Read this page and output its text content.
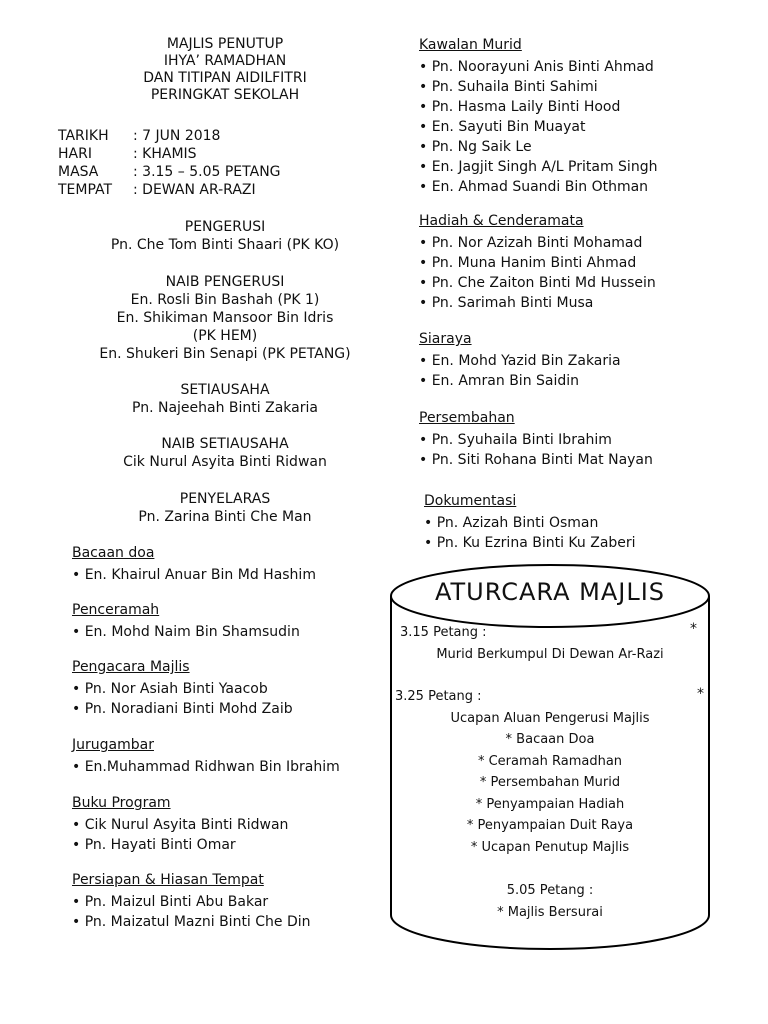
MAJLIS PENUTUP
IHYA’ RAMADHAN
DAN TITIPAN AIDILFITRI
PERINGKAT SEKOLAH
TARIKH	: 7 JUN 2018
HARI	: KHAMIS
MASA	: 3.15 – 5.05 PETANG
TEMPAT	: DEWAN AR-RAZI
PENGERUSI
Pn. Che Tom Binti Shaari (PK KO)
NAIB PENGERUSI
En. Rosli Bin Bashah (PK 1)
En. Shikiman Mansoor Bin Idris
(PK HEM)
En. Shukeri Bin Senapi (PK PETANG)
SETIAUSAHA
Pn. Najeehah Binti Zakaria
NAIB SETIAUSAHA
Cik Nurul Asyita Binti Ridwan
PENYELARAS
Pn. Zarina Binti Che Man
Bacaan doa
• En. Khairul Anuar Bin Md Hashim
Penceramah
• En. Mohd Naim Bin Shamsudin
Pengacara Majlis
• Pn. Nor Asiah Binti Yaacob
• Pn. Noradiani Binti Mohd Zaib
Jurugambar
• En.Muhammad Ridhwan Bin Ibrahim
Buku Program
• Cik Nurul Asyita Binti Ridwan
• Pn. Hayati Binti Omar
Persiapan & Hiasan Tempat
• Pn. Maizul Binti Abu Bakar
• Pn. Maizatul Mazni Binti Che Din
Kawalan Murid
• Pn. Noorayuni Anis Binti Ahmad
• Pn. Suhaila Binti Sahimi
• Pn. Hasma Laily Binti Hood
• En. Sayuti Bin Muayat
• Pn. Ng Saik Le
• En. Jagjit Singh A/L Pritam Singh
• En. Ahmad Suandi Bin Othman
Hadiah & Cenderamata
• Pn. Nor Azizah Binti Mohamad
• Pn. Muna Hanim Binti Ahmad
• Pn. Che Zaiton Binti Md Hussein
• Pn. Sarimah Binti Musa
Siaraya
• En. Mohd Yazid Bin Zakaria
• En. Amran Bin Saidin
Persembahan
• Pn. Syuhaila Binti Ibrahim
• Pn. Siti Rohana Binti Mat Nayan
Dokumentasi
• Pn. Azizah Binti Osman
• Pn. Ku Ezrina Binti Ku Zaberi
ATURCARA MAJLIS
3.15 Petang :
Murid Berkumpul Di Dewan Ar-Razi
*
3.25 Petang :
Ucapan Aluan Pengerusi Majlis
* Bacaan Doa
* Ceramah Ramadhan
* Persembahan Murid
* Penyampaian Hadiah
* Penyampaian Duit Raya
* Ucapan Penutup Majlis
*
5.05 Petang :
* Majlis Bersurai
